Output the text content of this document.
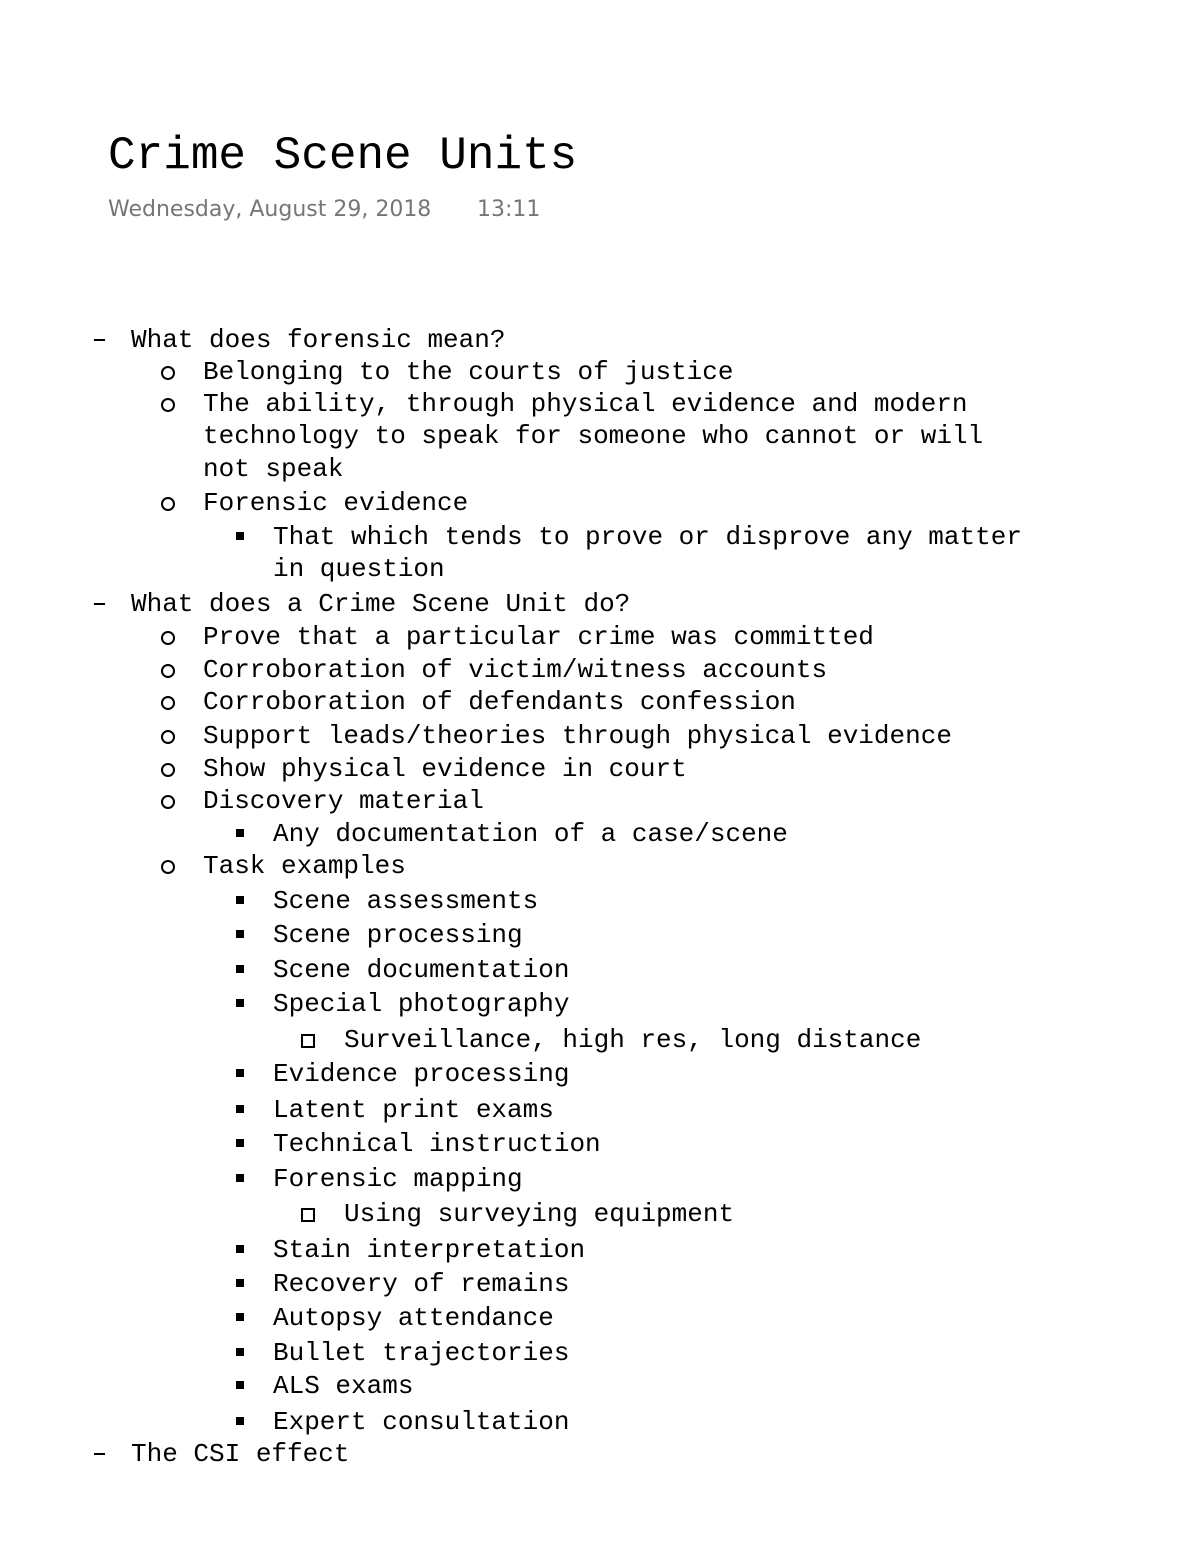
Crime Scene Units
Wednesday, August 29, 2018 13:11
What does forensic mean?
Belonging to the courts of justice
The ability, through physical evidence and modern
technology to speak for someone who cannot or will
not speak
Forensic evidence
That which tends to prove or disprove any matter
in question
What does a Crime Scene Unit do?
Prove that a particular crime was committed
Corroboration of victim/witness accounts
Corroboration of defendants confession
Support leads/theories through physical evidence
Show physical evidence in court
Discovery material
Any documentation of a case/scene
Task examples
Scene assessments
Scene processing
Scene documentation
Special photography
Surveillance, high res, long distance
Evidence processing
Latent print exams
Technical instruction
Forensic mapping
Using surveying equipment
Stain interpretation
Recovery of remains
Autopsy attendance
Bullet trajectories
ALS exams
Expert consultation
The CSI effect
